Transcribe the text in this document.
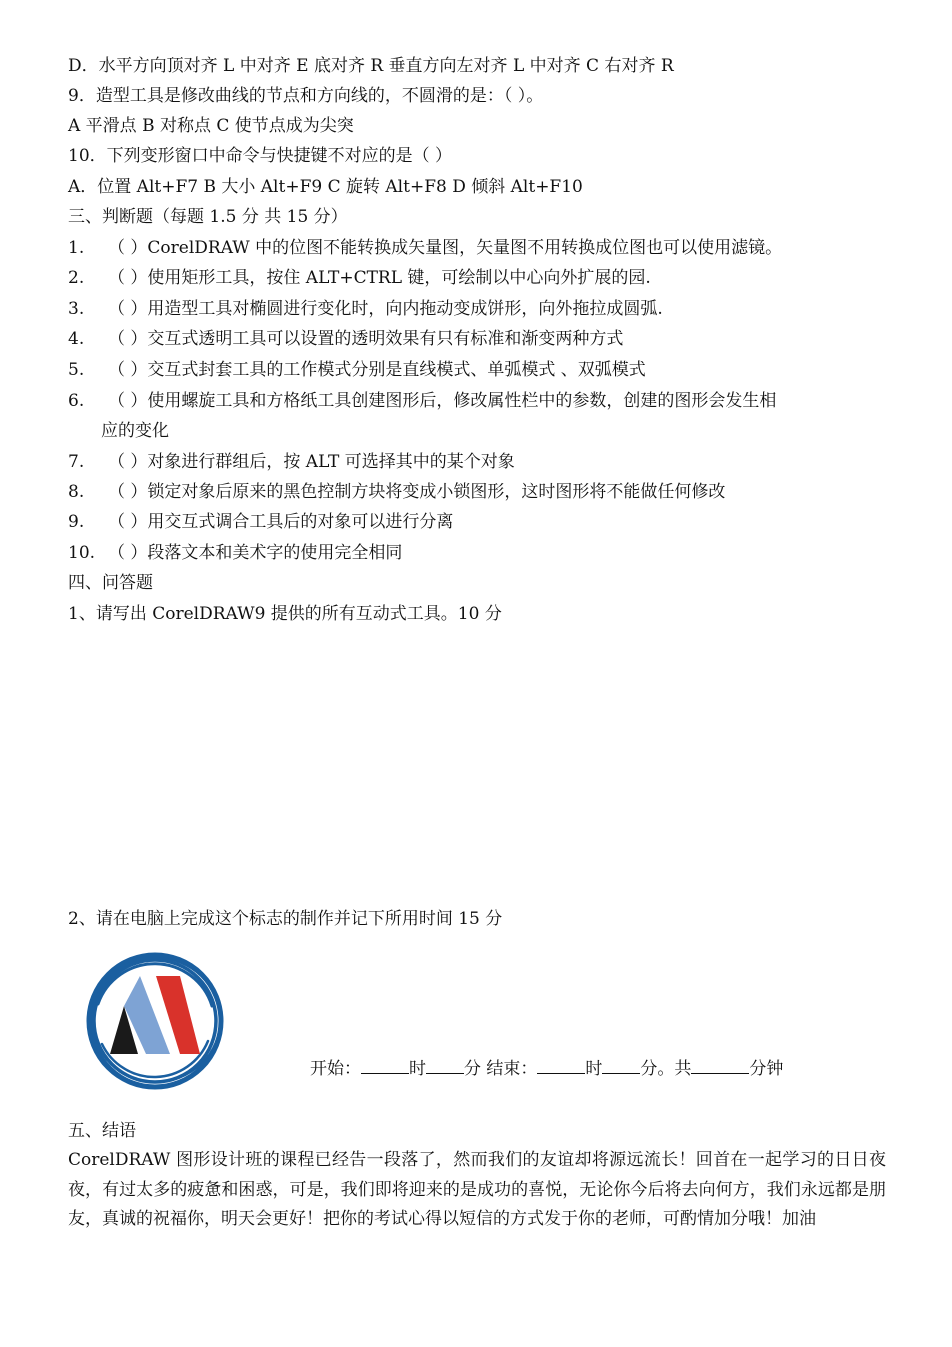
D．水平方向顶对齐 L 中对齐 E 底对齐 R 垂直方向左对齐 L 中对齐 C 右对齐 R
9．造型工具是修改曲线的节点和方向线的，不圆滑的是：（ ）。
A 平滑点 B 对称点 C 使节点成为尖突
10．下列变形窗口中命令与快捷键不对应的是（ ）
A．位置 Alt+F7 B 大小 Alt+F9 C 旋转 Alt+F8 D 倾斜 Alt+F10
三、判断题（每题 1.5 分 共 15 分）
1. （ ）CorelDRAW 中的位图不能转换成矢量图，矢量图不用转换成位图也可以使用滤镜。
2. （ ）使用矩形工具，按住 ALT+CTRL 键，可绘制以中心向外扩展的园.
3. （ ）用造型工具对椭圆进行变化时，向内拖动变成饼形，向外拖拉成圆弧.
4. （ ）交互式透明工具可以设置的透明效果有只有标准和渐变两种方式
5. （ ）交互式封套工具的工作模式分别是直线模式、单弧模式 、双弧模式
6. （ ）使用螺旋工具和方格纸工具创建图形后，修改属性栏中的参数，创建的图形会发生相
应的变化
7. （ ）对象进行群组后，按 ALT 可选择其中的某个对象
8. （ ）锁定对象后原来的黑色控制方块将变成小锁图形，这时图形将不能做任何修改
9. （ ）用交互式调合工具后的对象可以进行分离
10. （ ）段落文本和美术字的使用完全相同
四、问答题
1、请写出 CorelDRAW9 提供的所有互动式工具。10 分
2、请在电脑上完成这个标志的制作并记下所用时间 15 分
开始：	时 分 结束：	时 分。共	分钟
五、结语
CorelDRAW 图形设计班的课程已经告一段落了，然而我们的友谊却将源远流长！回首在一起学习的日日夜夜，有过太多的疲惫和困惑，可是，我们即将迎来的是成功的喜悦，无论你今后将去向何方，我们永远都是朋友，真诚的祝福你，明天会更好！把你的考试心得以短信的方式发于你的老师，可酌情加分哦！加油
